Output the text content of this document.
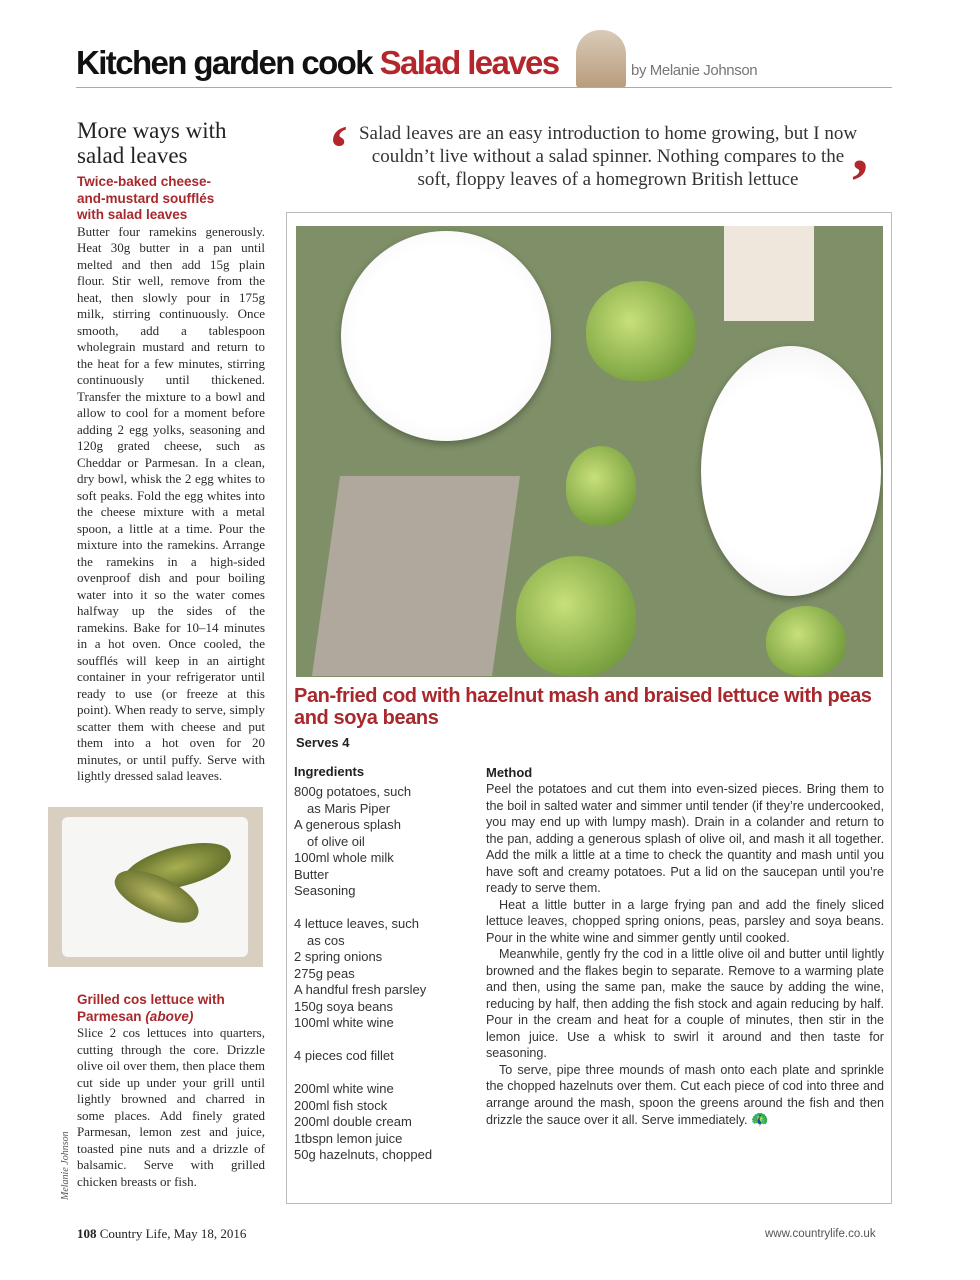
Kitchen garden cook Salad leaves	by Melanie Johnson
More ways with salad leaves
Twice-baked cheese-and-mustard soufflés with salad leaves
Butter four ramekins generously. Heat 30g butter in a pan until melted and then add 15g plain flour. Stir well, remove from the heat, then slowly pour in 175g milk, stirring continuously. Once smooth, add a tablespoon wholegrain mustard and return to the heat for a few minutes, stirring continuously until thickened. Transfer the mixture to a bowl and allow to cool for a moment before adding 2 egg yolks, seasoning and 120g grated cheese, such as Cheddar or Parmesan. In a clean, dry bowl, whisk the 2 egg whites to soft peaks. Fold the egg whites into the cheese mixture with a metal spoon, a little at a time. Pour the mixture into the ramekins. Arrange the ramekins in a high-sided ovenproof dish and pour boiling water into it so the water comes halfway up the sides of the ramekins. Bake for 10–14 minutes in a hot oven. Once cooled, the soufflés will keep in an airtight container in your refrigerator until ready to use (or freeze at this point). When ready to serve, simply scatter them with cheese and put them into a hot oven for 20 minutes, or until puffy. Serve with lightly dressed salad leaves.
Grilled cos lettuce with Parmesan (above)
Slice 2 cos lettuces into quarters, cutting through the core. Drizzle olive oil over them, then place them cut side up under your grill until lightly browned and charred in some places. Add finely grated Parmesan, lemon zest and juice, toasted pine nuts and a drizzle of balsamic. Serve with grilled chicken breasts or fish.
Melanie Johnson
‘ Salad leaves are an easy introduction to home growing, but I now couldn’t live without a salad spinner. Nothing compares to the soft, floppy leaves of a homegrown British lettuce ’
Pan-fried cod with hazelnut mash and braised lettuce with peas and soya beans
Serves 4
Ingredients
800g potatoes, such
as Maris Piper
A generous splash
of olive oil
100ml whole milk
Butter
Seasoning
4 lettuce leaves, such
as cos
2 spring onions
275g peas
A handful fresh parsley
150g soya beans
100ml white wine
4 pieces cod fillet
200ml white wine
200ml fish stock
200ml double cream
1tbspn lemon juice
50g hazelnuts, chopped
Method

Peel the potatoes and cut them into even-sized pieces. Bring them to the boil in salted water and simmer until tender (if they’re undercooked, you may end up with lumpy mash). Drain in a colander and return to the pan, adding a generous splash of olive oil, and mash it all together. Add the milk a little at a time to check the quantity and mash until you have soft and creamy potatoes. Put a lid on the saucepan until you’re ready to serve them.

Heat a little butter in a large frying pan and add the finely sliced lettuce leaves, chopped spring onions, peas, parsley and soya beans. Pour in the white wine and simmer gently until cooked.

Meanwhile, gently fry the cod in a little olive oil and butter until lightly browned and the flakes begin to separate. Remove to a warming plate and then, using the same pan, make the sauce by adding the wine, reducing by half, then adding the fish stock and again reducing by half. Pour in the cream and heat for a couple of minutes, then stir in the lemon juice. Use a whisk to swirl it around and then taste for seasoning.

To serve, pipe three mounds of mash onto each plate and sprinkle the chopped hazelnuts over them. Cut each piece of cod into three and arrange around the mash, spoon the greens around the fish and then drizzle the sauce over it all. Serve immediately. 🦚

108 Country Life, May 18, 2016	www.countrylife.co.uk
